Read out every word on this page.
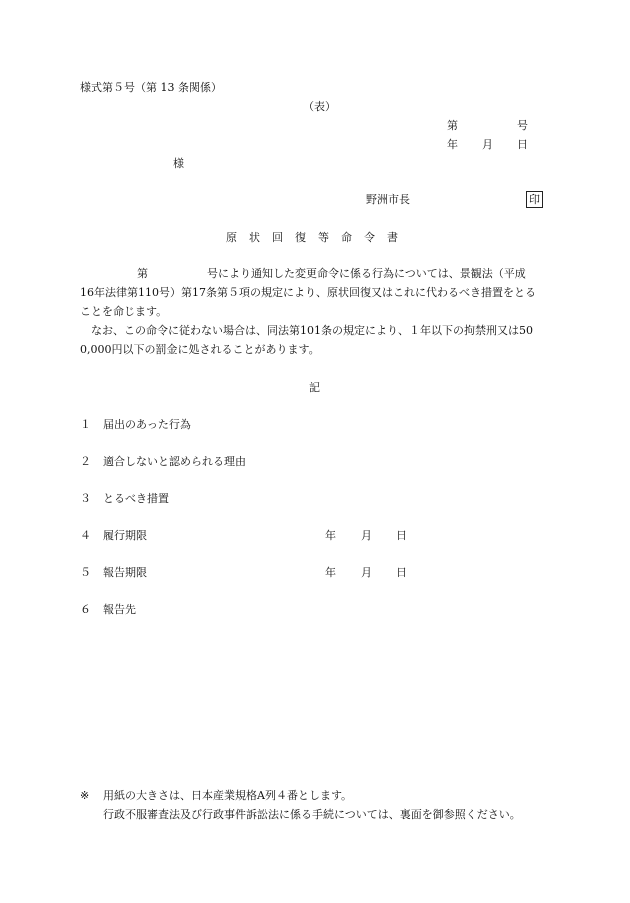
様式第５号（第 13 条関係）
（表）
第	号
年 月 日
様
野洲市長	印
原 状 回 復 等 命 令 書
第	号により通知した変更命令に係る行為については、景観法（平成
16年法律第110号）第17条第５項の規定により、原状回復又はこれに代わるべき措置をとる
ことを命じます。
なお、この命令に従わない場合は、同法第101条の規定により、１年以下の拘禁刑又は50
0,000円以下の罰金に処されることがあります。
記
１ 届出のあった行為
２ 適合しないと認められる理由
３ とるべき措置
４ 履行期限	年 月 日
５ 報告期限	年 月 日
６ 報告先
※ 用紙の大きさは、日本産業規格A列４番とします。
行政不服審査法及び行政事件訴訟法に係る手続については、裏面を御参照ください。
